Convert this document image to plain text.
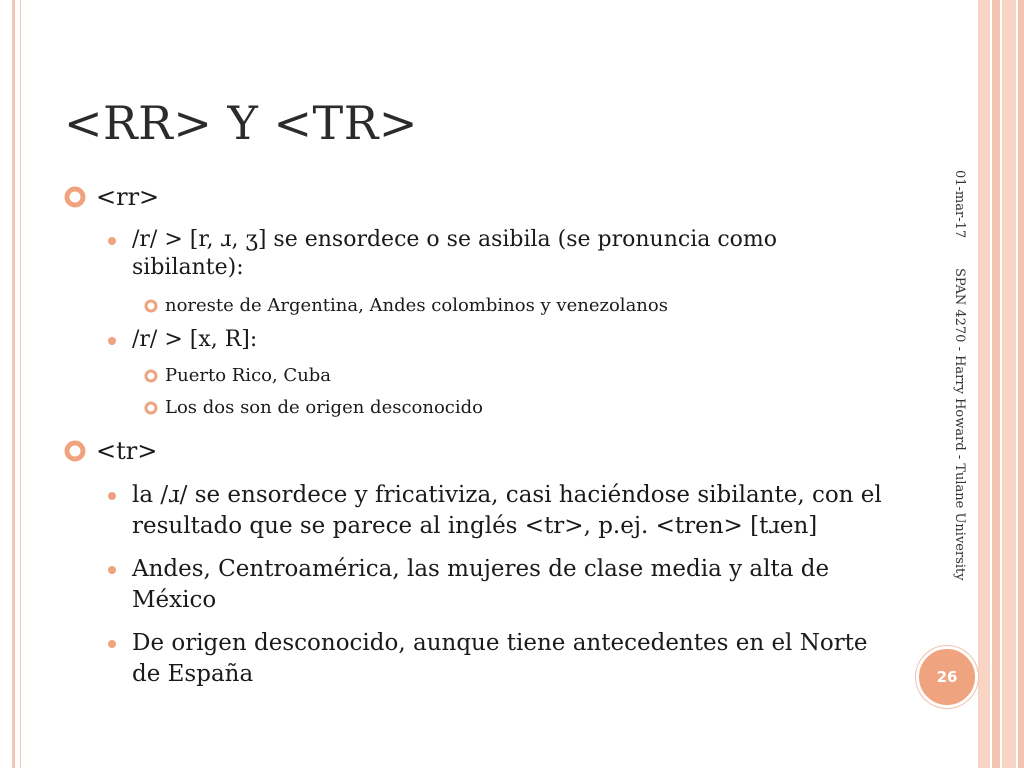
<RR> Y <TR>
<rr>
/r/ > [r, ɹ, ʒ] se ensordece o se asibila (se pronuncia como sibilante):
noreste de Argentina, Andes colombinos y venezolanos
/r/ > [x, R]:
Puerto Rico, Cuba
Los dos son de origen desconocido
<tr>
la /ɹ/ se ensordece y fricativiza, casi haciéndose sibilante, con el resultado que se parece al inglés <tr>, p.ej. <tren> [tɹen]
Andes, Centroamérica, las mujeres de clase media y alta de México
De origen desconocido, aunque tiene antecedentes en el Norte de España
01-mar-17
SPAN 4270 - Harry Howard - Tulane University
26
